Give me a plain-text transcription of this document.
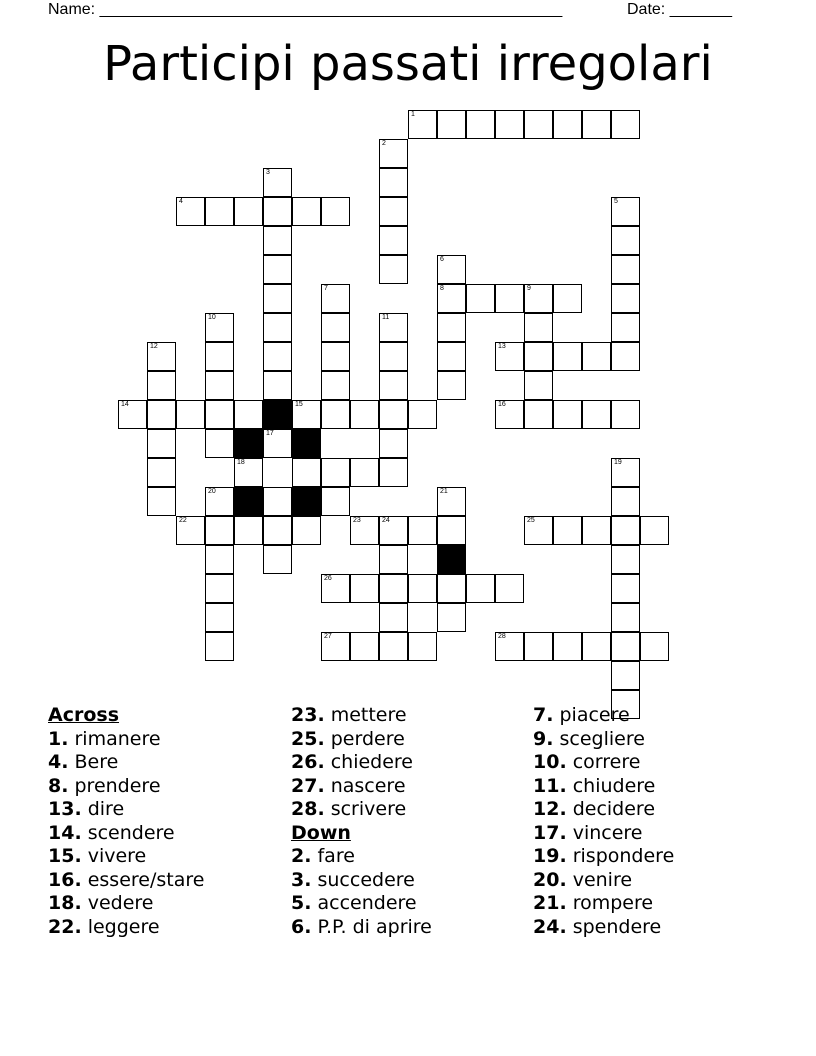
Name: ____________________________________________________	Date: _______
Participi passati irregolari
1
2
3
4	5
6
8	9
7
10	11
12	13
14	15	16
17
18	19
20	21
22	23	24	25
26
27	28
Across
1. rimanere
4. Bere
8. prendere
13. dire
14. scendere
15. vivere
16. essere/stare
18. vedere
22. leggere
23. mettere
25. perdere
26. chiedere
27. nascere
28. scrivere
Down
2. fare
3. succedere
5. accendere
6. P.P. di aprire
7. piacere
9. scegliere
10. correre
11. chiudere
12. decidere
17. vincere
19. rispondere
20. venire
21. rompere
24. spendere
